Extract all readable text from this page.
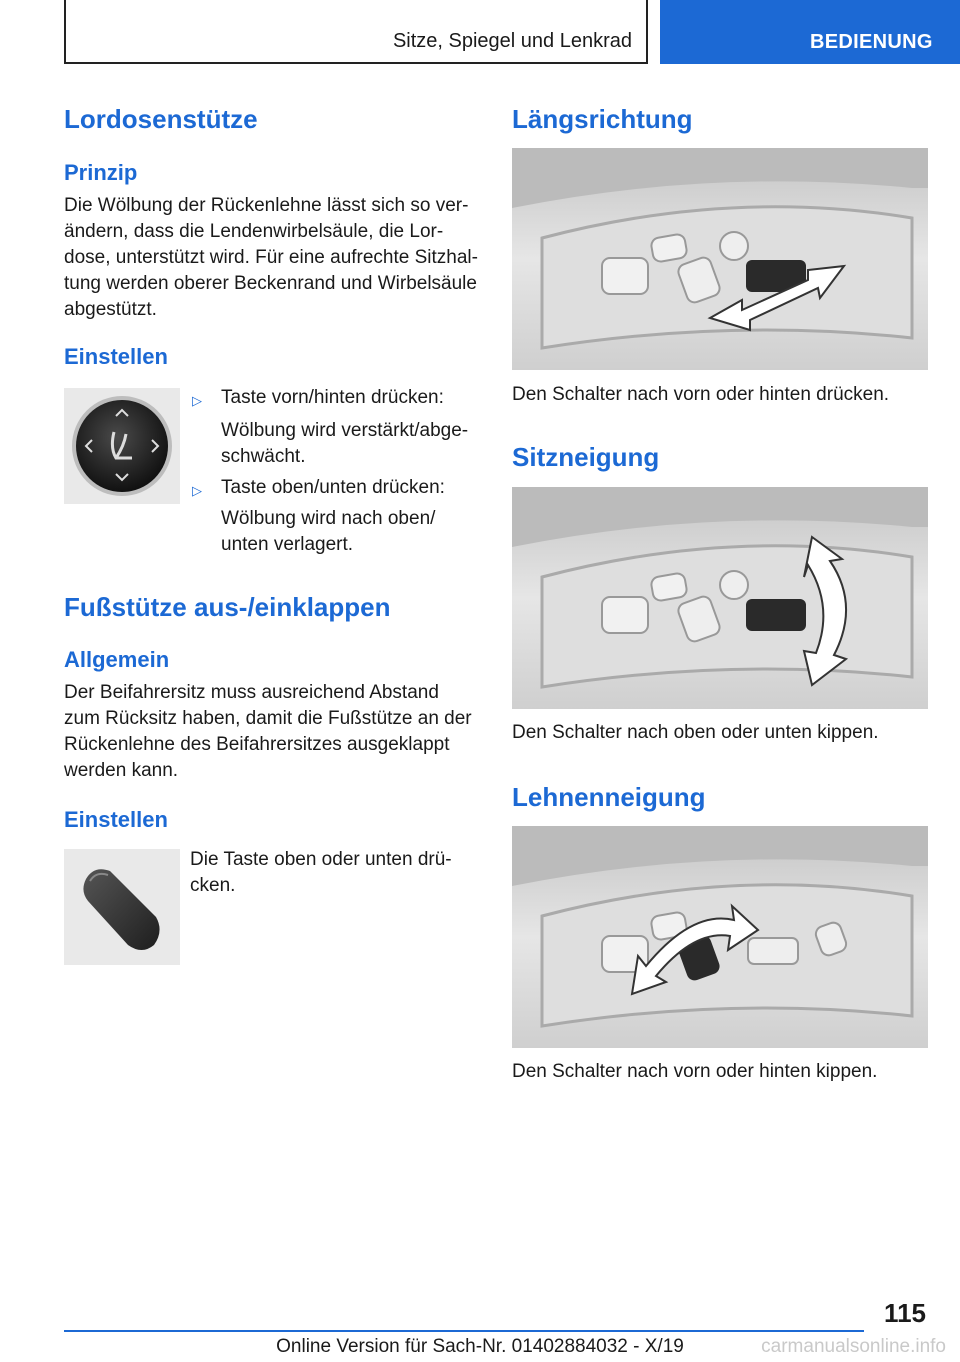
Sitze, Spiegel und Lenkrad	BEDIENUNG
Lordosenstütze
Prinzip
Die Wölbung der Rückenlehne lässt sich so ver-
ändern, dass die Lendenwirbelsäule, die Lor-
dose, unterstützt wird. Für eine aufrechte Sitzhal-
tung werden oberer Beckenrand und Wirbelsäule
abgestützt.
Einstellen
▷ Taste vorn/hinten drücken:
Wölbung wird verstärkt/abge-
schwächt.
▷ Taste oben/unten drücken:
Wölbung wird nach oben/
unten verlagert.
Fußstütze aus-/einklappen
Allgemein
Der Beifahrersitz muss ausreichend Abstand
zum Rücksitz haben, damit die Fußstütze an der
Rückenlehne des Beifahrersitzes ausgeklappt
werden kann.
Einstellen
Die Taste oben oder unten drü-
cken.
Längsrichtung
Den Schalter nach vorn oder hinten drücken.
Sitzneigung
Den Schalter nach oben oder unten kippen.
Lehnenneigung
Den Schalter nach vorn oder hinten kippen.
115
Online Version für Sach-Nr. 01402884032 - X/19	carmanualsonline.info
